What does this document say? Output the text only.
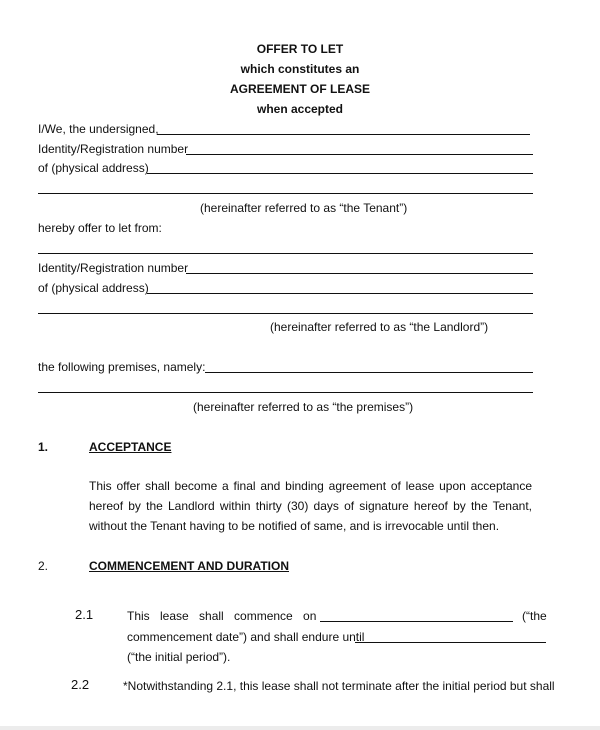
OFFER TO LET
which constitutes an
AGREEMENT OF LEASE
when accepted
I/We, the undersigned,
Identity/Registration number
of (physical address)
(hereinafter referred to as “the Tenant”)
hereby offer to let from:
Identity/Registration number
of (physical address)
(hereinafter referred to as “the Landlord”)
the following premises, namely:
(hereinafter referred to as “the premises”)
1.	ACCEPTANCE
This offer shall become a final and binding agreement of lease upon acceptance hereof by the Landlord within thirty (30) days of signature hereof by the Tenant, without the Tenant having to be notified of same, and is irrevocable until then.
2.	COMMENCEMENT AND DURATION
2.1	This lease shall commence on	(“the
commencement date”) and shall endure until
(“the initial period”).
2.2	*Notwithstanding 2.1, this lease shall not terminate after the initial period but shall
